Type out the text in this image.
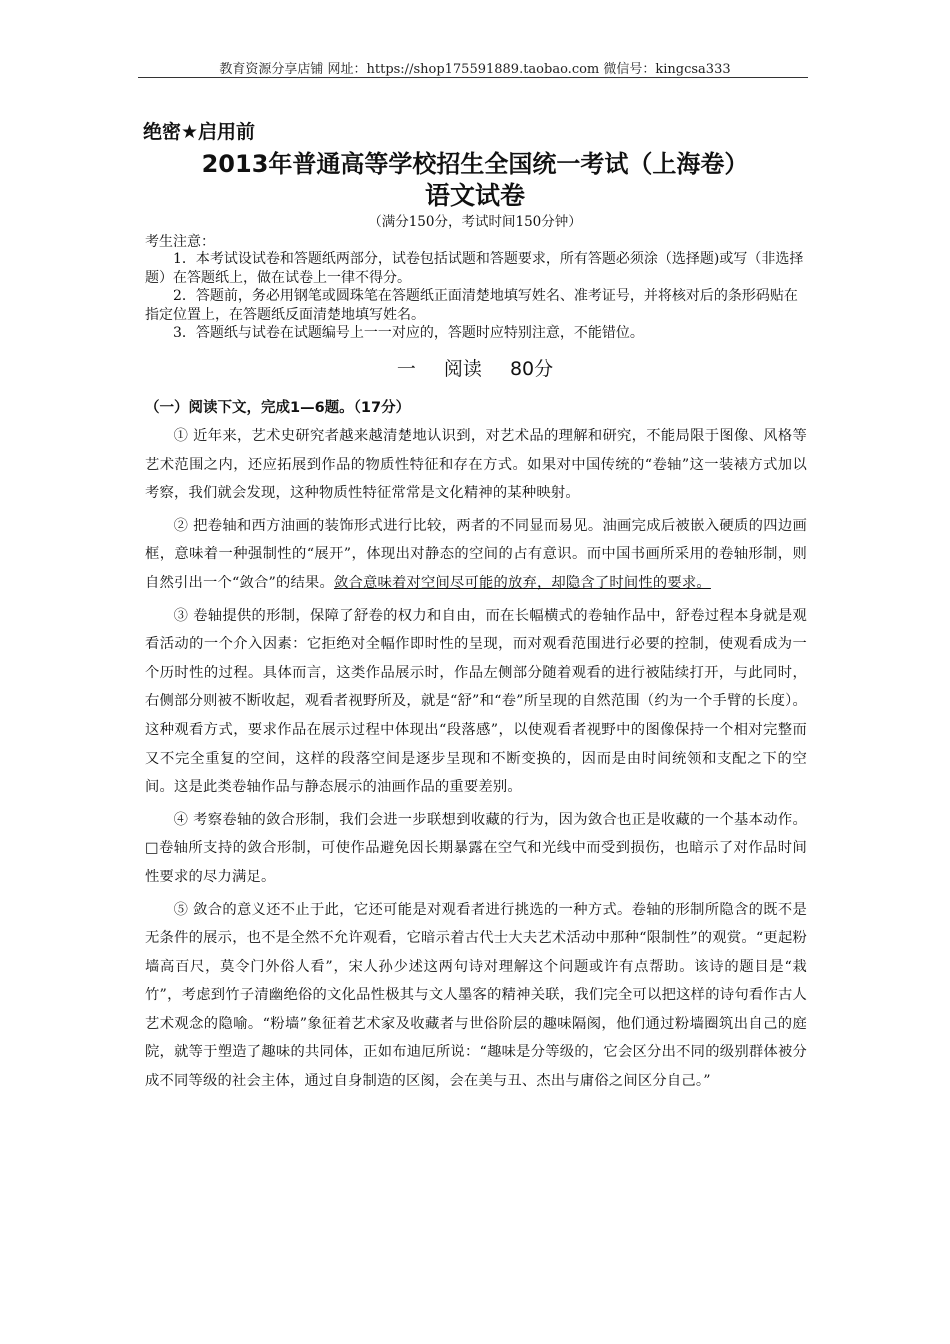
教育资源分享店铺 网址：https://shop175591889.taobao.com 微信号：kingcsa333
绝密★启用前
2013年普通高等学校招生全国统一考试（上海卷）
语文试卷
（满分150分，考试时间150分钟）
考生注意：

1．本考试设试卷和答题纸两部分，试卷包括试题和答题要求，所有答题必须涂（选择题)或写（非选择题）在答题纸上，做在试卷上一律不得分。

2．答题前，务必用钢笔或圆珠笔在答题纸正面清楚地填写姓名、准考证号，并将核对后的条形码贴在指定位置上，在答题纸反面清楚地填写姓名。

3．答题纸与试卷在试题编号上一一对应的，答题时应特别注意，不能错位。

一 阅读 80分
（一）阅读下文，完成1—6题。（17分）

① 近年来，艺术史研究者越来越清楚地认识到，对艺术品的理解和研究，不能局限于图像、风格等艺术范围之内，还应拓展到作品的物质性特征和存在方式。如果对中国传统的“卷轴”这一装裱方式加以考察，我们就会发现，这种物质性特征常常是文化精神的某种映射。

② 把卷轴和西方油画的装饰形式进行比较，两者的不同显而易见。油画完成后被嵌入硬质的四边画框，意味着一种强制性的“展开”，体现出对静态的空间的占有意识。而中国书画所采用的卷轴形制，则自然引出一个“敛合”的结果。敛合意味着对空间尽可能的放弃，却隐含了时间性的要求。

③ 卷轴提供的形制，保障了舒卷的权力和自由，而在长幅横式的卷轴作品中，舒卷过程本身就是观看活动的一个介入因素：它拒绝对全幅作即时性的呈现，而对观看范围进行必要的控制，使观看成为一个历时性的过程。具体而言，这类作品展示时，作品左侧部分随着观看的进行被陆续打开，与此同时，右侧部分则被不断收起，观看者视野所及，就是“舒”和“卷”所呈现的自然范围（约为一个手臂的长度）。这种观看方式，要求作品在展示过程中体现出“段落感”，以使观看者视野中的图像保持一个相对完整而又不完全重复的空间，这样的段落空间是逐步呈现和不断变换的，因而是由时间统领和支配之下的空间。这是此类卷轴作品与静态展示的油画作品的重要差别。

④ 考察卷轴的敛合形制，我们会进一步联想到收藏的行为，因为敛合也正是收藏的一个基本动作。□卷轴所支持的敛合形制，可使作品避免因长期暴露在空气和光线中而受到损伤，也暗示了对作品时间性要求的尽力满足。

⑤ 敛合的意义还不止于此，它还可能是对观看者进行挑选的一种方式。卷轴的形制所隐含的既不是无条件的展示，也不是全然不允许观看，它暗示着古代士大夫艺术活动中那种“限制性”的观赏。“更起粉墙高百尺，莫令门外俗人看”，宋人孙少述这两句诗对理解这个问题或许有点帮助。该诗的题目是“栽竹”，考虑到竹子清幽绝俗的文化品性极其与文人墨客的精神关联，我们完全可以把这样的诗句看作古人艺术观念的隐喻。“粉墙”象征着艺术家及收藏者与世俗阶层的趣味隔阂，他们通过粉墙圈筑出自己的庭院，就等于塑造了趣味的共同体，正如布迪厄所说：“趣味是分等级的，它会区分出不同的级别群体被分成不同等级的社会主体，通过自身制造的区阂，会在美与丑、杰出与庸俗之间区分自己。”
